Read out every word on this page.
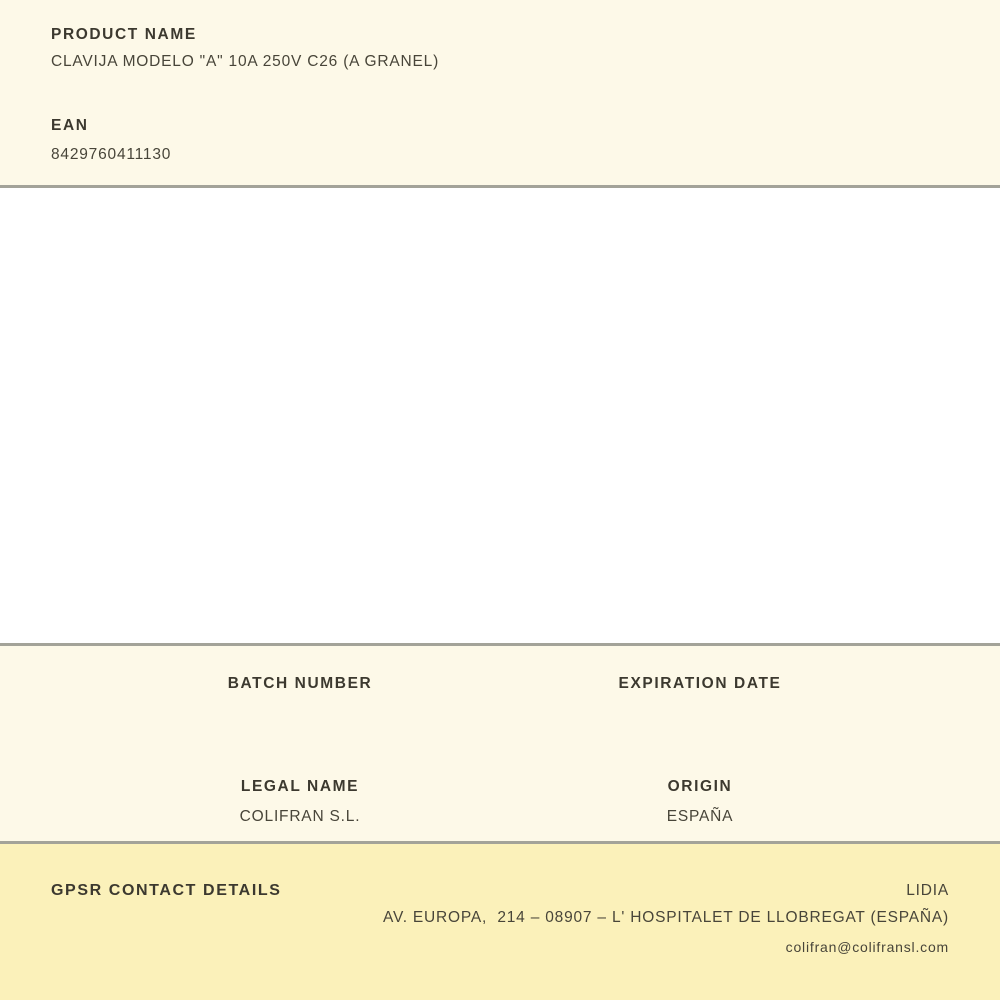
PRODUCT NAME
CLAVIJA MODELO "A" 10A 250V C26 (A GRANEL)
EAN
8429760411130
BATCH NUMBER	EXPIRATION DATE
LEGAL NAME
COLIFRAN S.L.
ORIGIN
ESPAÑA
GPSR CONTACT DETAILS	LIDIA
AV. EUROPA,  214 – 08907 – L' HOSPITALET DE LLOBREGAT (ESPAÑA)
colifran@colifransl.com
